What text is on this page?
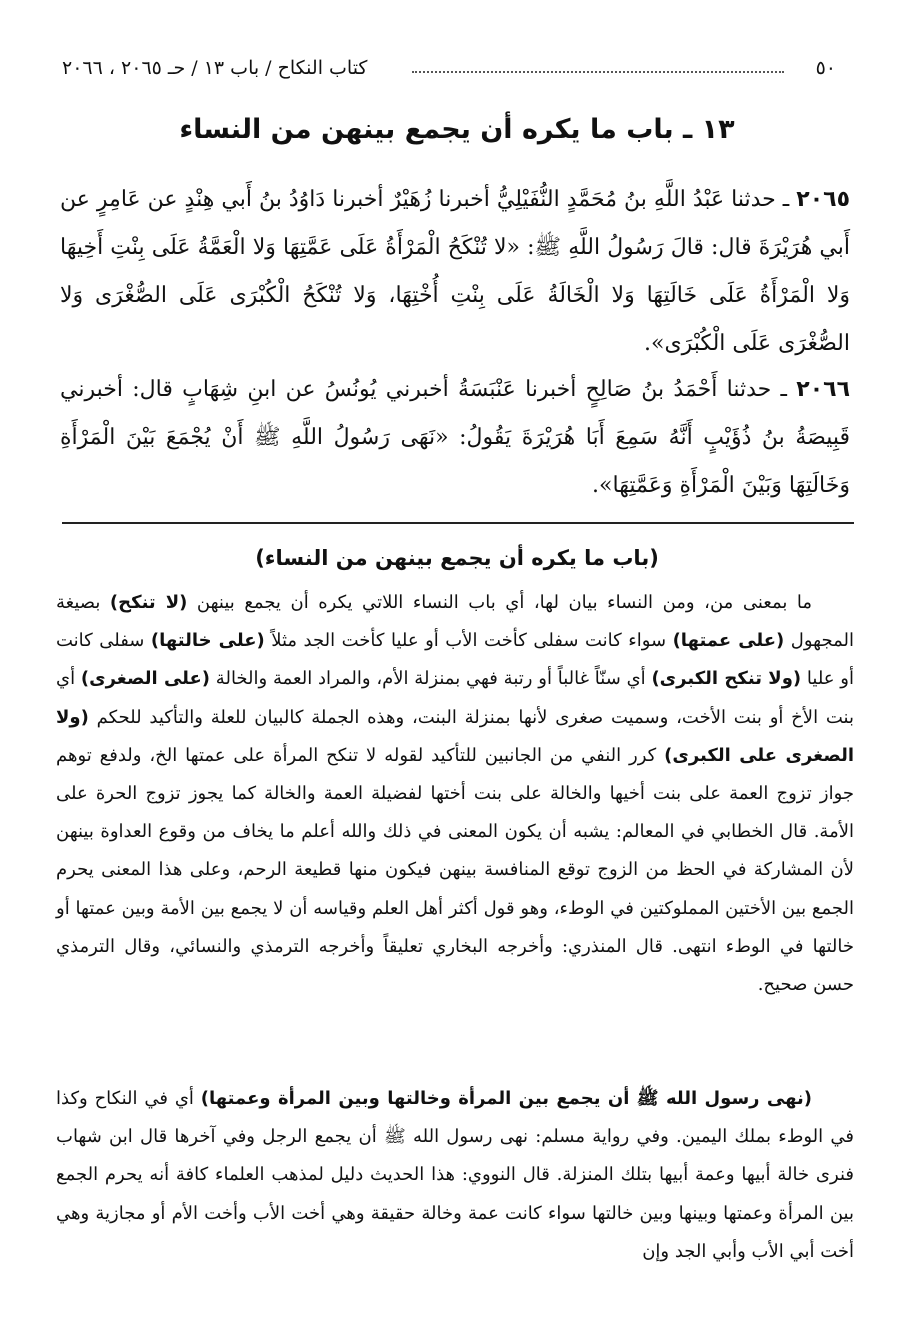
٥٠
كتاب النكاح / باب ١٣ / حـ ٢٠٦٥ ، ٢٠٦٦
١٣ ـ باب ما يكره أن يجمع بينهن من النساء
٢٠٦٥ ـ حدثنا عَبْدُ اللَّهِ بنُ مُحَمَّدٍ النُّفَيْلِيُّ أخبرنا زُهَيْرٌ أخبرنا دَاوُدُ بنُ أَبي هِنْدٍ عن عَامِرٍ عن أَبي هُرَيْرَةَ قال: قالَ رَسُولُ اللَّهِ ﷺ: «لا تُنْكَحُ الْمَرْأَةُ عَلَى عَمَّتِهَا وَلا الْعَمَّةُ عَلَى بِنْتِ أَخِيهَا وَلا الْمَرْأَةُ عَلَى خَالَتِهَا وَلا الْخَالَةُ عَلَى بِنْتِ أُخْتِهَا، وَلا تُنْكَحُ الْكُبْرَى عَلَى الصُّغْرَى وَلا الصُّغْرَى عَلَى الْكُبْرَى».
٢٠٦٦ ـ حدثنا أَحْمَدُ بنُ صَالِحٍ أخبرنا عَنْبَسَةُ أخبرني يُونُسُ عن ابنِ شِهَابٍ قال: أخبرني قَبِيصَةُ بنُ ذُؤَيْبٍ أَنَّهُ سَمِعَ أَبَا هُرَيْرَةَ يَقُولُ: «نَهَى رَسُولُ اللَّهِ ﷺ أَنْ يُجْمَعَ بَيْنَ الْمَرْأَةِ وَخَالَتِهَا وَبَيْنَ الْمَرْأَةِ وَعَمَّتِهَا».
(باب ما يكره أن يجمع بينهن من النساء)

ما بمعنى من، ومن النساء بيان لها، أي باب النساء اللاتي يكره أن يجمع بينهن (لا تنكح) بصيغة المجهول (على عمتها) سواء كانت سفلى كأخت الأب أو عليا كأخت الجد مثلاً (على خالتها) سفلى كانت أو عليا (ولا تنكح الكبرى) أي سنّاً غالباً أو رتبة فهي بمنزلة الأم، والمراد العمة والخالة (على الصغرى) أي بنت الأخ أو بنت الأخت، وسميت صغرى لأنها بمنزلة البنت، وهذه الجملة كالبيان للعلة والتأكيد للحكم (ولا الصغرى على الكبرى) كرر النفي من الجانبين للتأكيد لقوله لا تنكح المرأة على عمتها الخ، ولدفع توهم جواز تزوج العمة على بنت أخيها والخالة على بنت أختها لفضيلة العمة والخالة كما يجوز تزوج الحرة على الأمة. قال الخطابي في المعالم: يشبه أن يكون المعنى في ذلك والله أعلم ما يخاف من وقوع العداوة بينهن لأن المشاركة في الحظ من الزوج توقع المنافسة بينهن فيكون منها قطيعة الرحم، وعلى هذا المعنى يحرم الجمع بين الأختين المملوكتين في الوطء، وهو قول أكثر أهل العلم وقياسه أن لا يجمع بين الأمة وبين عمتها أو خالتها في الوطء انتهى. قال المنذري: وأخرجه البخاري تعليقاً وأخرجه الترمذي والنسائي، وقال الترمذي حسن صحيح.

(نهى رسول الله ﷺ أن يجمع بين المرأة وخالتها وبين المرأة وعمتها) أي في النكاح وكذا في الوطء بملك اليمين. وفي رواية مسلم: نهى رسول الله ﷺ أن يجمع الرجل وفي آخرها قال ابن شهاب فنرى خالة أبيها وعمة أبيها بتلك المنزلة. قال النووي: هذا الحديث دليل لمذهب العلماء كافة أنه يحرم الجمع بين المرأة وعمتها وبينها وبين خالتها سواء كانت عمة وخالة حقيقة وهي أخت الأب وأخت الأم أو مجازية وهي أخت أبي الأب وأبي الجد وإن
